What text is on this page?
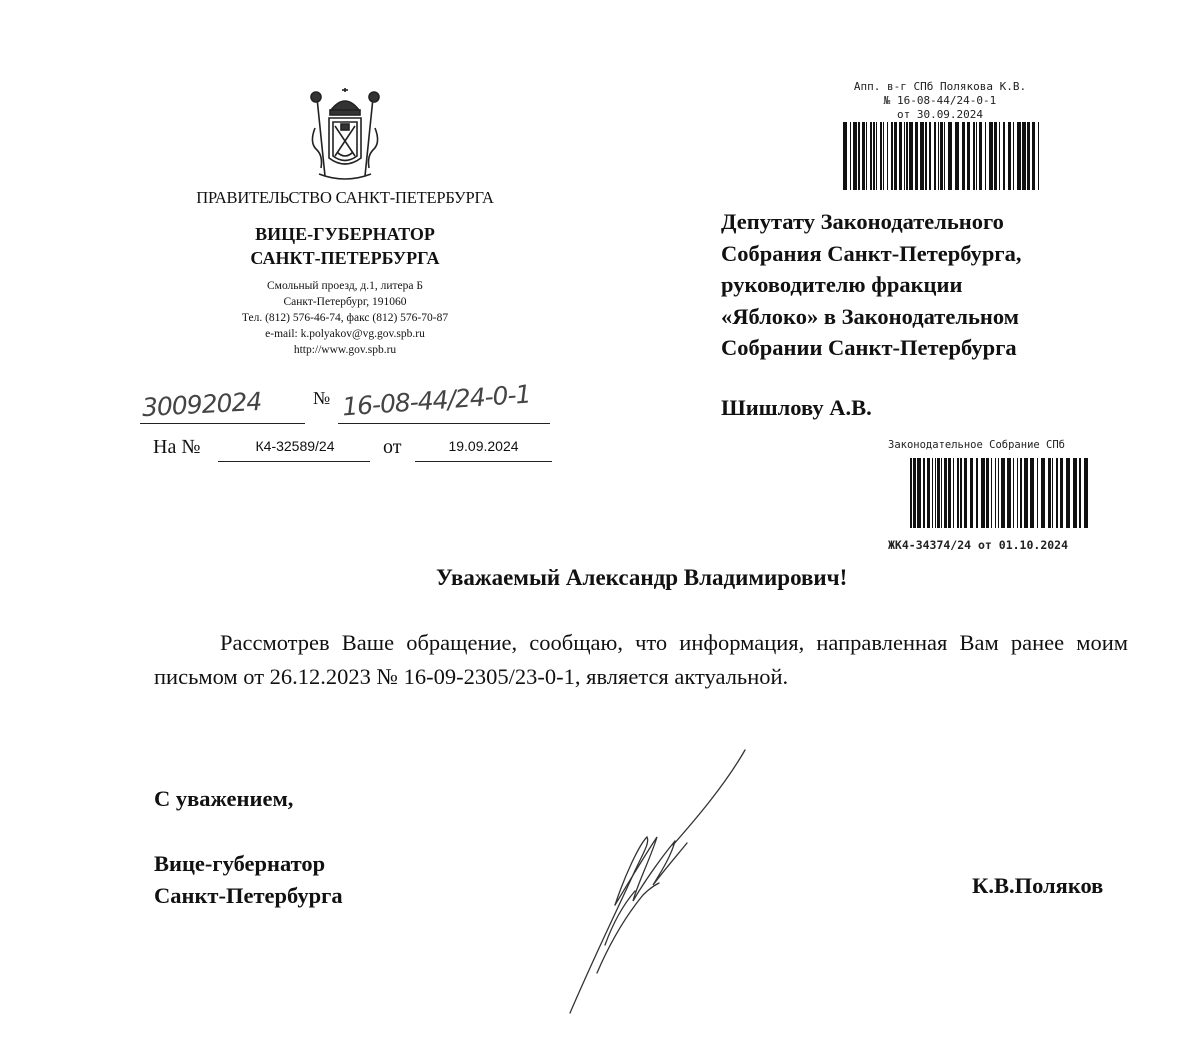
ПРАВИТЕЛЬСТВО САНКТ-ПЕТЕРБУРГА
ВИЦЕ-ГУБЕРНАТОР
САНКТ-ПЕТЕРБУРГА
Смольный проезд, д.1, литера Б
Санкт-Петербург, 191060
Тел. (812) 576-46-74, факс (812) 576-70-87
e-mail: k.polyakov@vg.gov.spb.ru
http://www.gov.spb.ru
30092024	№ 16-08-44/24-0-1
На №	К4-32589/24	от	19.09.2024
Апп. в-г СПб Полякова К.В.
№ 16-08-44/24-0-1
от 30.09.2024
Законодательное Собрание СПб
ЖК4-34374/24 от 01.10.2024
Депутату Законодательного
Собрания Санкт-Петербурга,
руководителю фракции
«Яблоко» в Законодательном
Собрании Санкт-Петербурга
Шишлову А.В.
Уважаемый Александр Владимирович!
Рассмотрев Ваше обращение, сообщаю, что информация, направленная Вам ранее моим письмом от 26.12.2023 № 16-09-2305/23-0-1, является актуальной.
С уважением,
Вице-губернатор
Санкт-Петербурга	К.В.Поляков
